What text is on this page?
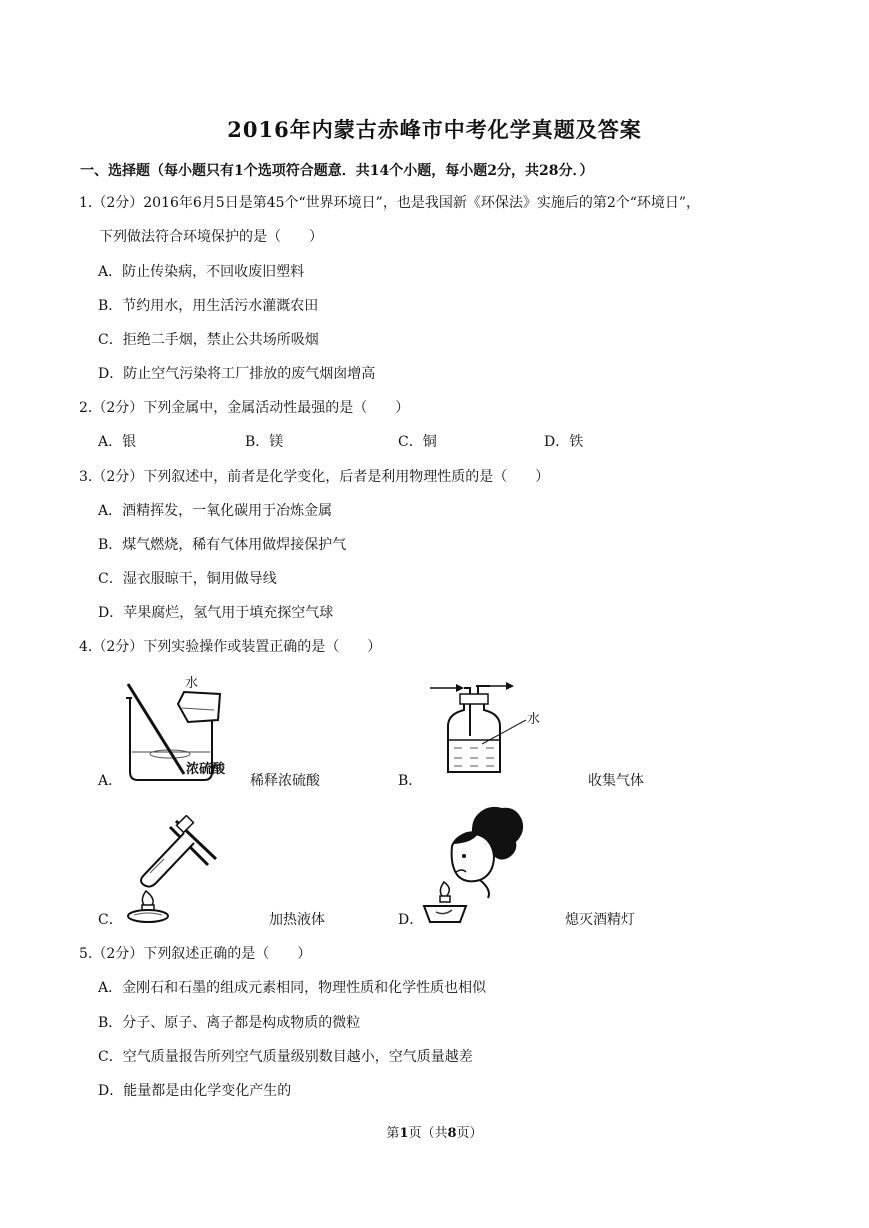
2016年内蒙古赤峰市中考化学真题及答案
一、选择题（每小题只有1个选项符合题意．共14个小题，每小题2分，共28分．）
1.（2分）2016年6月5日是第45个“世界环境日”，也是我国新《环保法》实施后的第2个“环境日”，
下列做法符合环境保护的是（　　）
A．防止传染病，不回收废旧塑料
B．节约用水，用生活污水灌溉农田
C．拒绝二手烟，禁止公共场所吸烟
D．防止空气污染将工厂排放的废气烟囱增高
2.（2分）下列金属中，金属活动性最强的是（　　）
A．银	B．镁	C．铜	D．铁
3.（2分）下列叙述中，前者是化学变化，后者是利用物理性质的是（　　）
A．酒精挥发，一氧化碳用于冶炼金属
B．煤气燃烧，稀有气体用做焊接保护气
C．湿衣服晾干，铜用做导线
D．苹果腐烂，氢气用于填充探空气球
4.（2分）下列实验操作或装置正确的是（　　）
A．
水
浓硫酸
稀释浓硫酸	B．
水
收集气体
C．	加热液体	D．	熄灭酒精灯
5.（2分）下列叙述正确的是（　　）
A．金刚石和石墨的组成元素相同，物理性质和化学性质也相似
B．分子、原子、离子都是构成物质的微粒
C．空气质量报告所列空气质量级别数目越小，空气质量越差
D．能量都是由化学变化产生的
第1页（共8页）
